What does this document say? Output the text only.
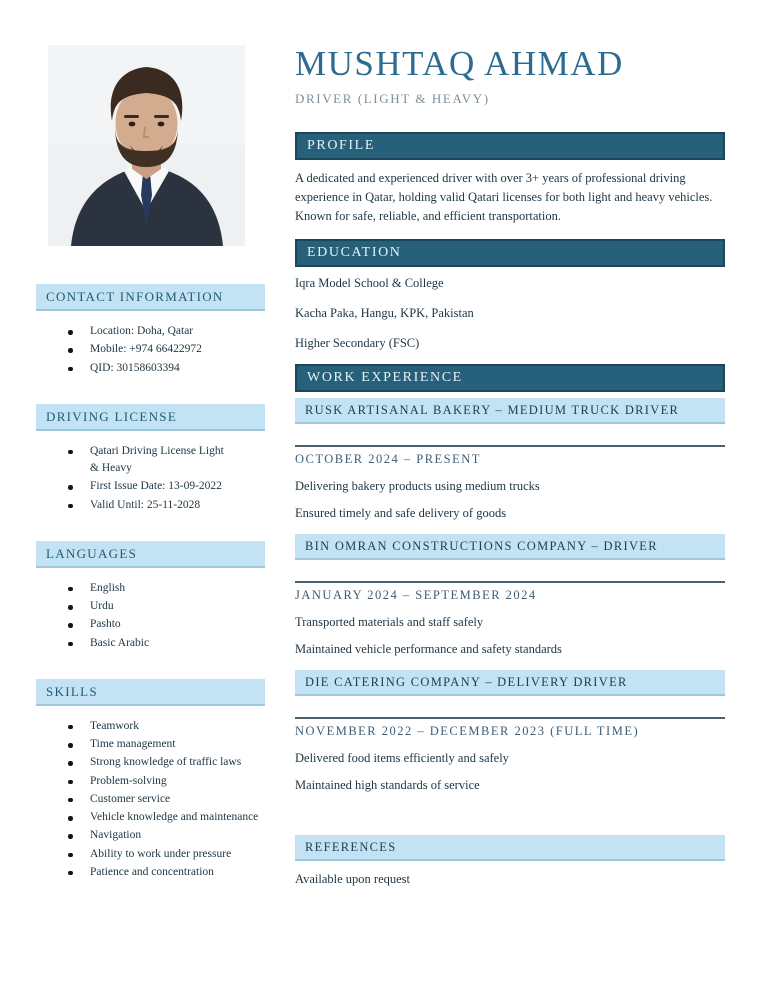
CONTACT INFORMATION
Location: Doha, Qatar
Mobile: +974 66422972
QID: 30158603394
DRIVING LICENSE
Qatari Driving License Light & Heavy
First Issue Date: 13-09-2022
Valid Until: 25-11-2028
LANGUAGES
English
Urdu
Pashto
Basic Arabic
SKILLS
Teamwork
Time management
Strong knowledge of traffic laws
Problem-solving
Customer service
Vehicle knowledge and maintenance
Navigation
Ability to work under pressure
Patience and concentration
MUSHTAQ AHMAD
DRIVER (LIGHT & HEAVY)
PROFILE

A dedicated and experienced driver with over 3+ years of professional driving experience in Qatar, holding valid Qatari licenses for both light and heavy vehicles. Known for safe, reliable, and efficient transportation.

EDUCATION

Iqra Model School & College

Kacha Paka, Hangu, KPK, Pakistan

Higher Secondary (FSC)

WORK EXPERIENCE
RUSK ARTISANAL BAKERY – MEDIUM TRUCK DRIVER
OCTOBER 2024 – PRESENT

Delivering bakery products using medium trucks

Ensured timely and safe delivery of goods

BIN OMRAN CONSTRUCTIONS COMPANY – DRIVER
JANUARY 2024 – SEPTEMBER 2024

Transported materials and staff safely

Maintained vehicle performance and safety standards

DIE CATERING COMPANY – DELIVERY DRIVER
NOVEMBER 2022 – DECEMBER 2023 (FULL TIME)

Delivered food items efficiently and safely

Maintained high standards of service

REFERENCES

Available upon request
